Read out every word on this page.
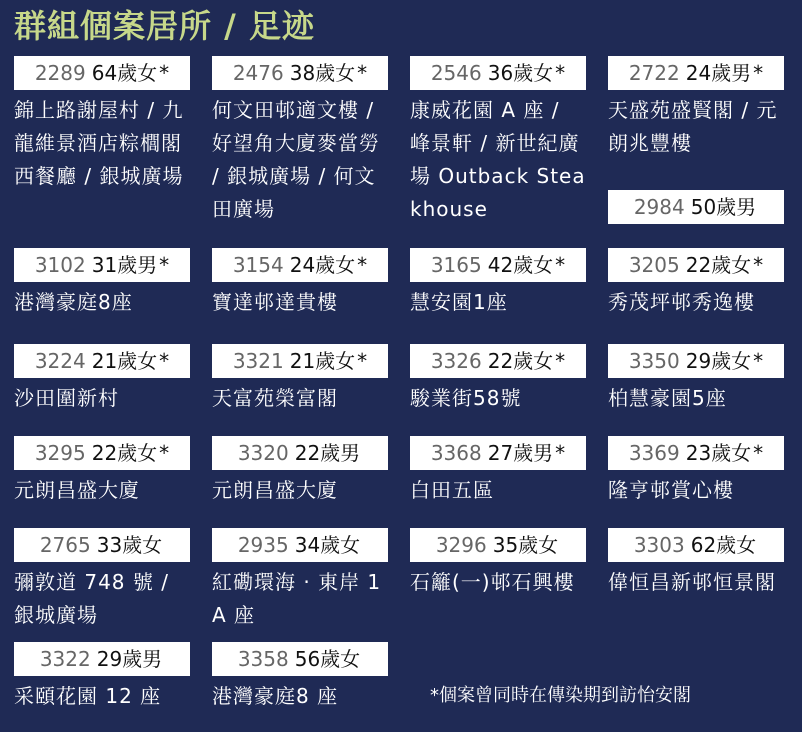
群組個案居所 / 足迹
2289 64歲女 *
錦上路謝屋村 / 九龍維景酒店粽櫚閣西餐廳 / 銀城廣場
2476 38歲女 *
何文田邨適文樓 / 好望角大廈麥當勞 / 銀城廣場 / 何文田廣場
2546 36歲女 *
康威花園 A 座 / 峰景軒 / 新世紀廣場 Outback Steakhouse
2722 24歲男 *
天盛苑盛賢閣 / 元朗兆豐樓
2984 50歲男
3102 31歲男 *
港灣豪庭8座
3154 24歲女 *
寶達邨達貴樓
3165 42歲女 *
慧安園1座
3205 22歲女 *
秀茂坪邨秀逸樓
3224 21歲女 *
沙田圍新村
3321 21歲女 *
天富苑榮富閣
3326 22歲女 *
駿業街58號
3350 29歲女 *
柏慧豪園5座
3295 22歲女 *
元朗昌盛大廈
3320 22歲男
元朗昌盛大廈
3368 27歲男 *
白田五區
3369 23歲女 *
隆亨邨賞心樓
2765 33歲女
彌敦道 748 號 / 銀城廣場
2935 34歲女
紅磡環海 · 東岸 1A 座
3296 35歲女
石籬(一)邨石興樓
3303 62歲女
偉恒昌新邨恒景閣
3322 29歲男
采頤花園 12 座
3358 56歲女
港灣豪庭8 座	*個案曾同時在傳染期到訪怡安閣
